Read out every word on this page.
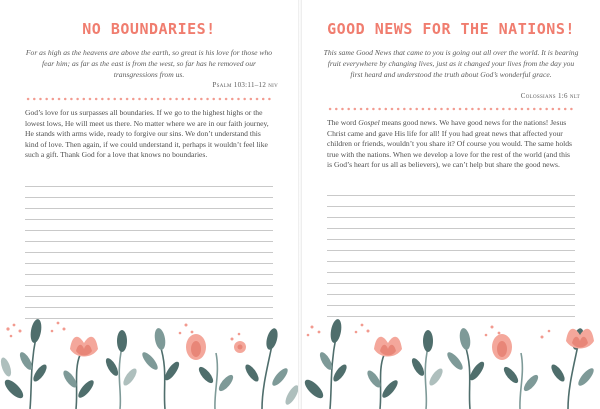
NO BOUNDARIES!
For as high as the heavens are above the earth, so great is his love for those who fear him; as far as the east is from the west, so far has he removed our transgressions from us.
Psalm 103:11–12 niv
God’s love for us surpasses all boundaries. If we go to the highest highs or the lowest lows, He will meet us there. No matter where we are in our faith journey, He stands with arms wide, ready to forgive our sins. We don’t understand this kind of love. Then again, if we could understand it, perhaps it wouldn’t feel like such a gift. Thank God for a love that knows no boundaries.
GOOD NEWS FOR THE NATIONS!
This same Good News that came to you is going out all over the world. It is bearing fruit everywhere by changing lives, just as it changed your lives from the day you first heard and understood the truth about God’s wonderful grace.
Colossians 1:6 nlt
The word Gospel means good news. We have good news for the nations! Jesus Christ came and gave His life for all! If you had great news that affected your children or friends, wouldn’t you share it? Of course you would. The same holds true with the nations. When we develop a love for the rest of the world (and this is God’s heart for us all as believers), we can’t help but share the good news.
